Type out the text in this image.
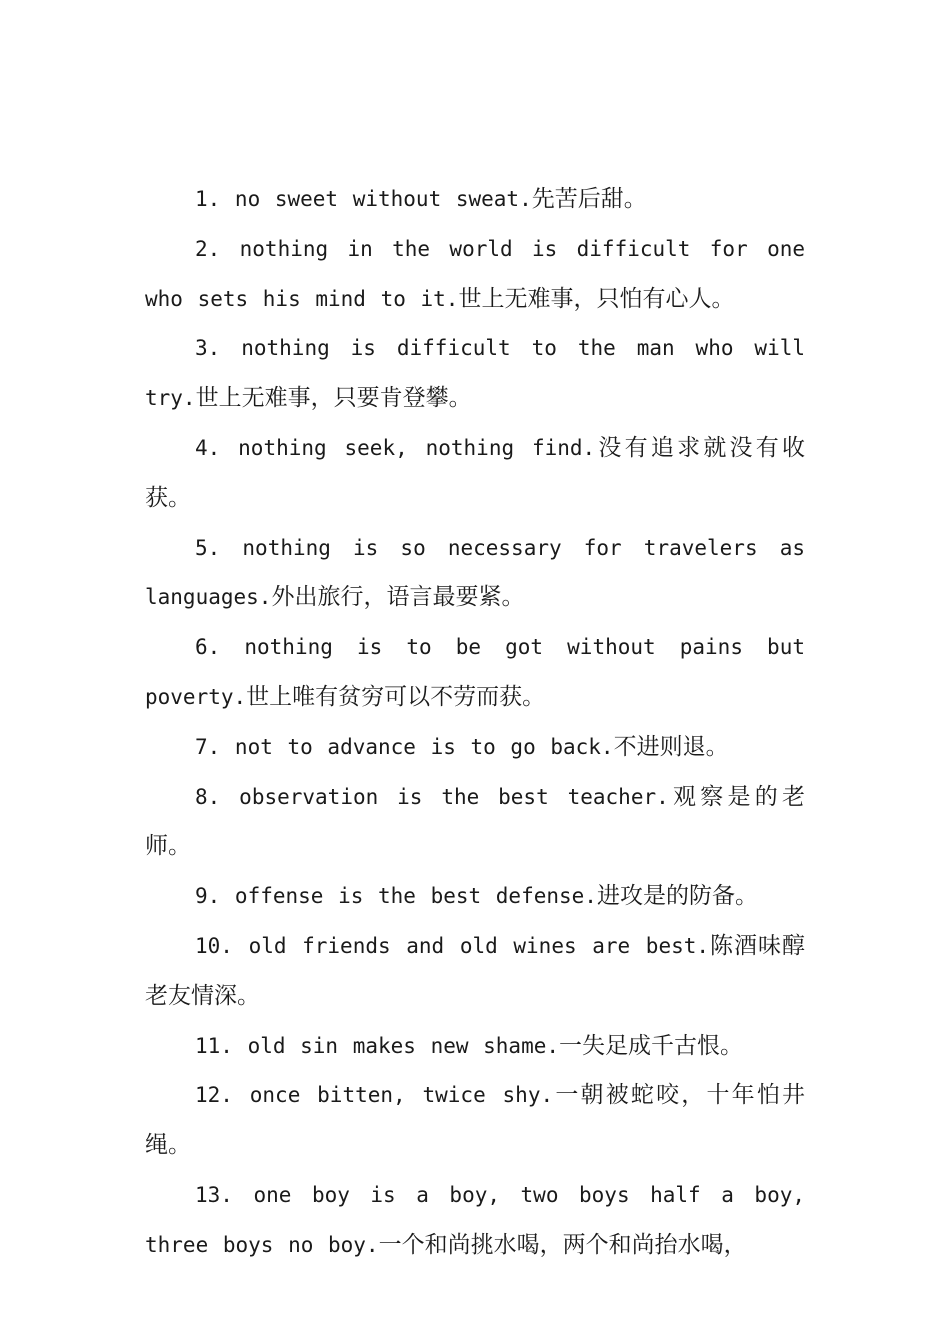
1. no sweet without sweat.先苦后甜。

2. nothing in the world is difficult for one who sets his mind to it.世上无难事，只怕有心人。

3. nothing is difficult to the man who will try.世上无难事，只要肯登攀。

4. nothing seek, nothing find.没有追求就没有收获。

5. nothing is so necessary for travelers as languages.外出旅行，语言最要紧。

6. nothing is to be got without pains but poverty.世上唯有贫穷可以不劳而获。

7. not to advance is to go back.不进则退。

8. observation is the best teacher.观察是的老师。

9. offense is the best defense.进攻是的防备。

10. old friends and old wines are best.陈酒味醇老友情深。

11. old sin makes new shame.一失足成千古恨。

12. once bitten, twice shy.一朝被蛇咬，十年怕井绳。

13. one boy is a boy, two boys half a boy, three boys no boy.一个和尚挑水喝，两个和尚抬水喝，
